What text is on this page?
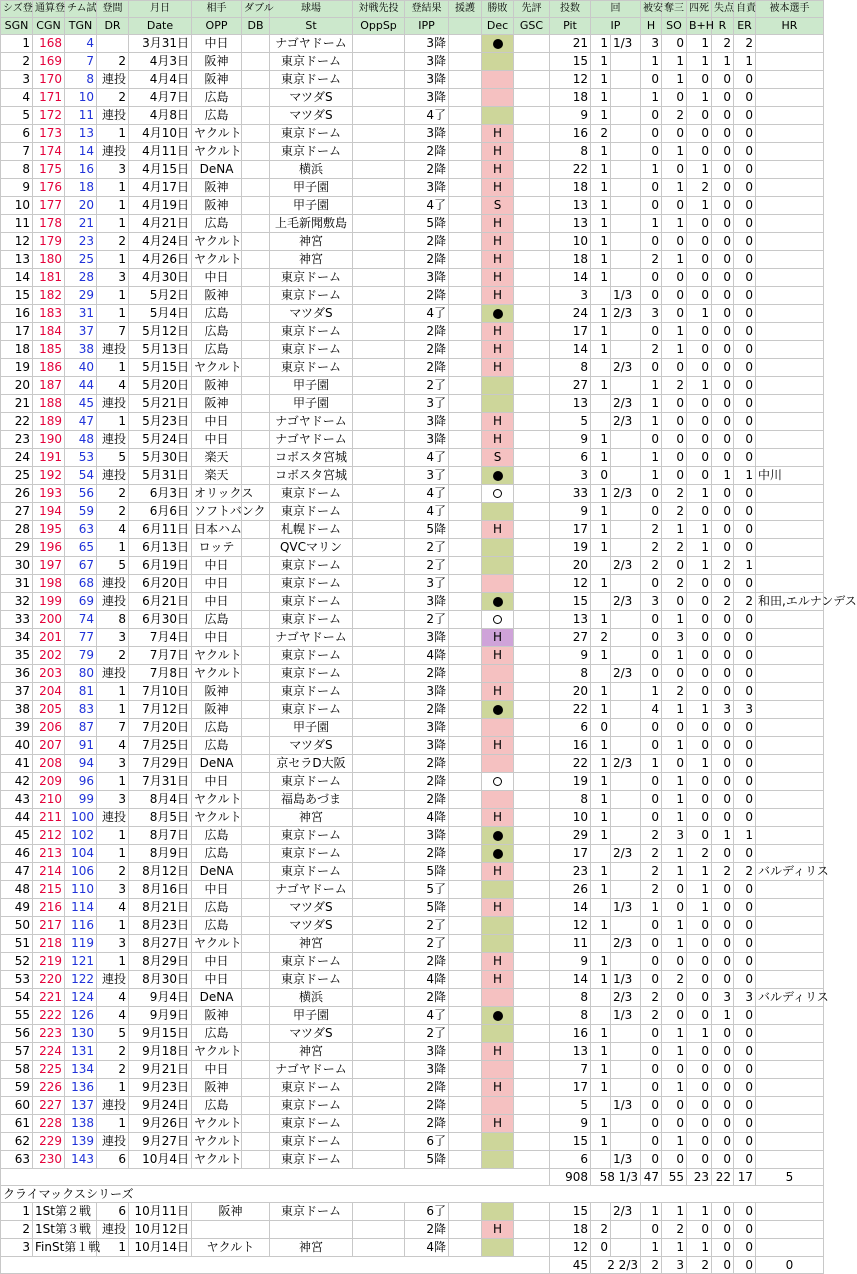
シズ登	通算登	チム試	登間	月日	相手	ダブル	球場	対戦先投	登結果	援護	勝敗	先評	投数	回		被安	奪三	四死	失点	自責	被本選手
SGN	CGN	TGN	DR	Date	OPP	DB	St	OppSp	IPP		Dec	GSC	Pit	IP		H	SO	B+H	R	ER	HR
1	168	4		3月31日	中日		ナゴヤドーム		3降				21	1	1/3	3	0	1	2	2	
2	169	7	2	4月3日	阪神		東京ドーム		3降				15	1		1	1	1	1	1	
3	170	8	連投	4月4日	阪神		東京ドーム		3降				12	1		0	1	0	0	0	
4	171	10	2	4月7日	広島		マツダS		3降				18	1		1	0	1	0	0	
5	172	11	連投	4月8日	広島		マツダS		4了				9	1		0	2	0	0	0	
6	173	13	1	4月10日	ヤクルト		東京ドーム		3降		H		16	2		0	0	0	0	0	
7	174	14	連投	4月11日	ヤクルト		東京ドーム		2降		H		8	1		0	1	0	0	0	
8	175	16	3	4月15日	DeNA		横浜		2降		H		22	1		1	0	1	0	0	
9	176	18	1	4月17日	阪神		甲子園		3降		H		18	1		0	1	2	0	0	
10	177	20	1	4月19日	阪神		甲子園		4了		S		13	1		0	0	1	0	0	
11	178	21	1	4月21日	広島		上毛新聞敷島		5降		H		13	1		1	1	0	0	0	
12	179	23	2	4月24日	ヤクルト		神宮		2降		H		10	1		0	0	0	0	0	
13	180	25	1	4月26日	ヤクルト		神宮		2降		H		18	1		2	1	0	0	0	
14	181	28	3	4月30日	中日		東京ドーム		3降		H		14	1		0	0	0	0	0	
15	182	29	1	5月2日	阪神		東京ドーム		2降		H		3		1/3	0	0	0	0	0	
16	183	31	1	5月4日	広島		マツダS		4了				24	1	2/3	3	0	1	0	0	
17	184	37	7	5月12日	広島		東京ドーム		2降		H		17	1		0	1	0	0	0	
18	185	38	連投	5月13日	広島		東京ドーム		2降		H		14	1		2	1	0	0	0	
19	186	40	1	5月15日	ヤクルト		東京ドーム		2降		H		8		2/3	0	0	0	0	0	
20	187	44	4	5月20日	阪神		甲子園		2了				27	1		1	2	1	0	0	
21	188	45	連投	5月21日	阪神		甲子園		3了				13		2/3	1	0	0	0	0	
22	189	47	1	5月23日	中日		ナゴヤドーム		3降		H		5		2/3	1	0	0	0	0	
23	190	48	連投	5月24日	中日		ナゴヤドーム		3降		H		9	1		0	0	0	0	0	
24	191	53	5	5月30日	楽天		コボスタ宮城		4了		S		6	1		1	0	0	0	0	
25	192	54	連投	5月31日	楽天		コボスタ宮城		3了				3	0		1	0	0	1	1	中川
26	193	56	2	6月3日	オリックス		東京ドーム		4了				33	1	2/3	0	2	1	0	0	
27	194	59	2	6月6日	ソフトバンク		東京ドーム		4了				9	1		0	2	0	0	0	
28	195	63	4	6月11日	日本ハム		札幌ドーム		5降		H		17	1		2	1	1	0	0	
29	196	65	1	6月13日	ロッテ		QVCマリン		2了				19	1		2	2	1	0	0	
30	197	67	5	6月19日	中日		東京ドーム		2了				20		2/3	2	0	1	2	1	
31	198	68	連投	6月20日	中日		東京ドーム		3了				12	1		0	2	0	0	0	
32	199	69	連投	6月21日	中日		東京ドーム		3降				15		2/3	3	0	0	2	2	和田,エルナンデス
33	200	74	8	6月30日	広島		東京ドーム		2了				13	1		0	1	0	0	0	
34	201	77	3	7月4日	中日		ナゴヤドーム		3降		H		27	2		0	3	0	0	0	
35	202	79	2	7月7日	ヤクルト		東京ドーム		4降		H		9	1		0	1	0	0	0	
36	203	80	連投	7月8日	ヤクルト		東京ドーム		2降				8		2/3	0	0	0	0	0	
37	204	81	1	7月10日	阪神		東京ドーム		3降		H		20	1		1	2	0	0	0	
38	205	83	1	7月12日	阪神		東京ドーム		2降				22	1		4	1	1	3	3	
39	206	87	7	7月20日	広島		甲子園		3降				6	0		0	0	0	0	0	
40	207	91	4	7月25日	広島		マツダS		3降		H		16	1		0	1	0	0	0	
41	208	94	3	7月29日	DeNA		京セラD大阪		2降				22	1	2/3	1	0	1	0	0	
42	209	96	1	7月31日	中日		東京ドーム		2降				19	1		0	1	0	0	0	
43	210	99	3	8月4日	ヤクルト		福島あづま		2降				8	1		0	1	0	0	0	
44	211	100	連投	8月5日	ヤクルト		神宮		4降		H		10	1		0	1	0	0	0	
45	212	102	1	8月7日	広島		東京ドーム		3降				29	1		2	3	0	1	1	
46	213	104	1	8月9日	広島		東京ドーム		2降				17		2/3	2	1	2	0	0	
47	214	106	2	8月12日	DeNA		東京ドーム		5降		H		23	1		2	1	1	2	2	バルディリス
48	215	110	3	8月16日	中日		ナゴヤドーム		5了				26	1		2	0	1	0	0	
49	216	114	4	8月21日	広島		マツダS		5降		H		14		1/3	1	0	1	0	0	
50	217	116	1	8月23日	広島		マツダS		2了				12	1		0	1	0	0	0	
51	218	119	3	8月27日	ヤクルト		神宮		2了				11		2/3	0	1	0	0	0	
52	219	121	1	8月29日	中日		東京ドーム		2降		H		9	1		0	0	0	0	0	
53	220	122	連投	8月30日	中日		東京ドーム		4降		H		14	1	1/3	0	2	0	0	0	
54	221	124	4	9月4日	DeNA		横浜		2降				8		2/3	2	0	0	3	3	バルディリス
55	222	126	4	9月9日	阪神		甲子園		4了				8		1/3	2	0	0	1	0	
56	223	130	5	9月15日	広島		マツダS		2了				16	1		0	1	1	0	0	
57	224	131	2	9月18日	ヤクルト		神宮		3降		H		13	1		0	1	0	0	0	
58	225	134	2	9月21日	中日		ナゴヤドーム		3降				7	1		0	0	0	0	0	
59	226	136	1	9月23日	阪神		東京ドーム		2降		H		17	1		0	1	0	0	0	
60	227	137	連投	9月24日	広島		東京ドーム		2降				5		1/3	0	0	0	0	0	
61	228	138	1	9月26日	ヤクルト		東京ドーム		2降		H		9	1		0	0	0	0	0	
62	229	139	連投	9月27日	ヤクルト		東京ドーム		6了				15	1		0	1	0	0	0	
63	230	143	6	10月4日	ヤクルト		東京ドーム		5降				6		1/3	0	0	0	0	0	
													908	58 1/3		47	55	23	22	17	5
クライマックスシリーズ																					
1	1St第２戦		6	10月11日	阪神		東京ドーム		6了				15		2/3	1	1	1	0	0	
2	1St第３戦		連投	10月12日					2降		H		18	2		0	2	0	0	0	
3	FinSt第１戦		1	10月14日	ヤクルト		神宮		4降				12	0		1	1	1	0	0	
													45	2 2/3		2	3	2	0	0	0
